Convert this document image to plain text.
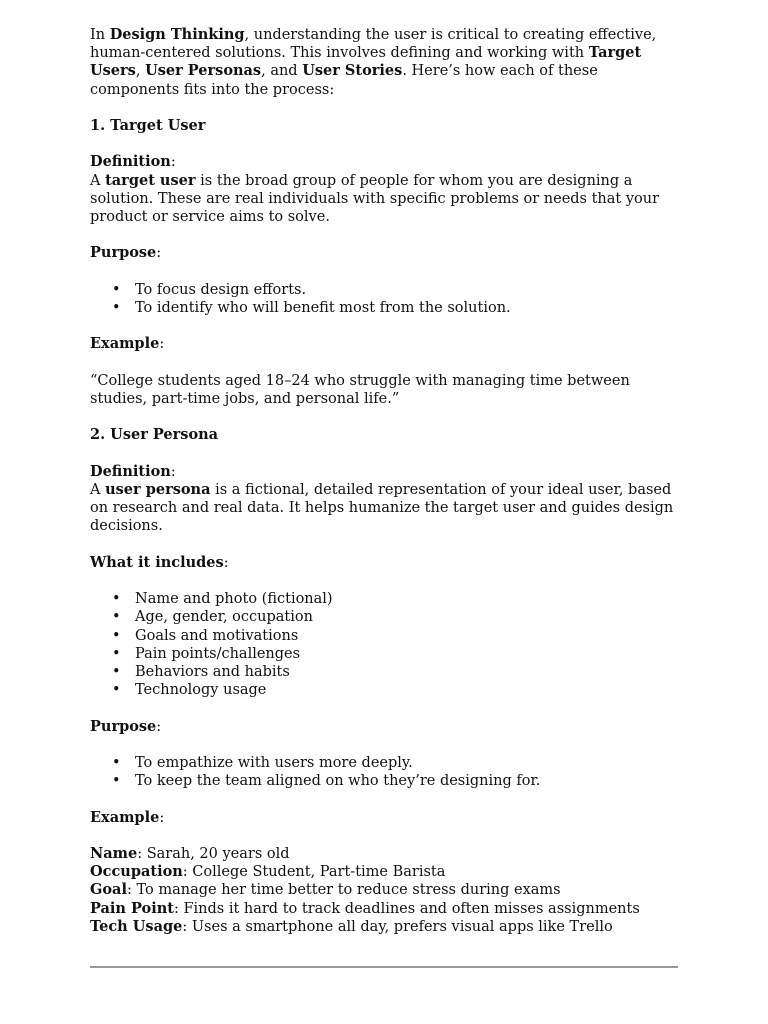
In Design Thinking, understanding the user is critical to creating effective, human-centered solutions. This involves defining and working with Target Users, User Personas, and User Stories. Here’s how each of these components fits into the process:

1. Target User

Definition:

A target user is the broad group of people for whom you are designing a solution. These are real individuals with specific problems or needs that your product or service aims to solve.

Purpose:

• To focus design efforts.
• To identify who will benefit most from the solution.

Example:

“College students aged 18–24 who struggle with managing time between studies, part-time jobs, and personal life.”

2. User Persona

Definition:

A user persona is a fictional, detailed representation of your ideal user, based on research and real data. It helps humanize the target user and guides design decisions.

What it includes:

• Name and photo (fictional)
• Age, gender, occupation
• Goals and motivations
• Pain points/challenges
• Behaviors and habits
• Technology usage

Purpose:

• To empathize with users more deeply.
• To keep the team aligned on who they’re designing for.

Example:

Name: Sarah, 20 years old

Occupation: College Student, Part-time Barista

Goal: To manage her time better to reduce stress during exams

Pain Point: Finds it hard to track deadlines and often misses assignments

Tech Usage: Uses a smartphone all day, prefers visual apps like Trello
